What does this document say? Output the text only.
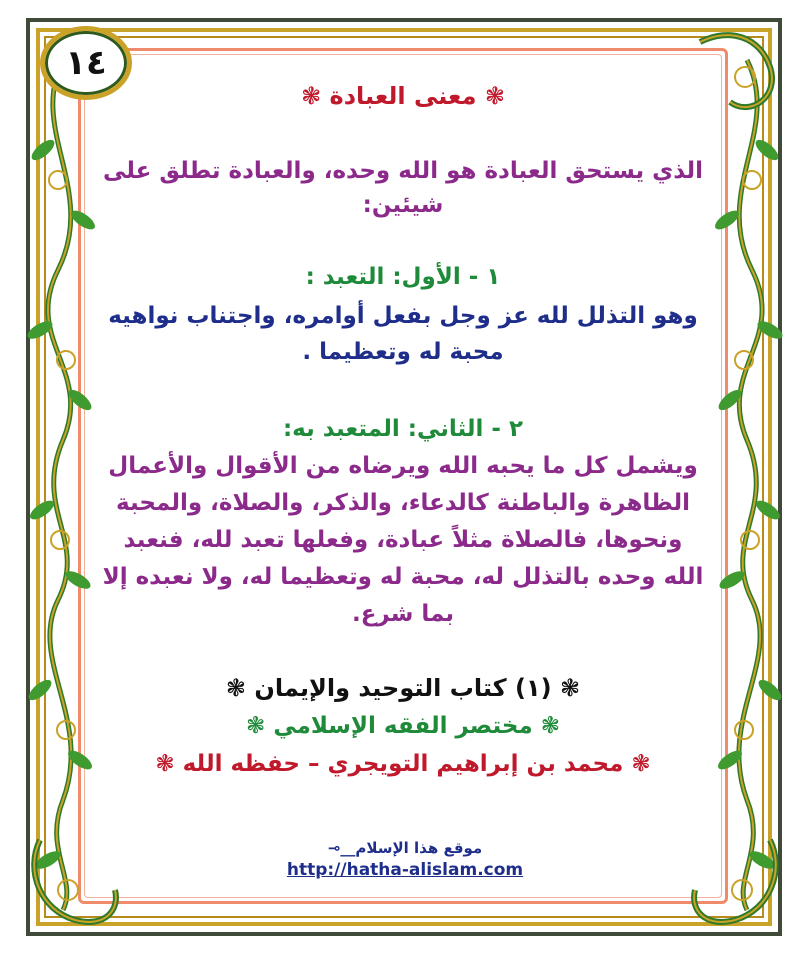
١٤

❃ معنى العبادة ❃

الذي يستحق العبادة هو الله وحده، والعبادة تطلق على شيئين:

١ - الأول: التعبد :

وهو التذلل لله عز وجل بفعل أوامره، واجتناب نواهيه محبة له وتعظيما .

٢ - الثاني: المتعبد به:

ويشمل كل ما يحبه الله ويرضاه من الأقوال والأعمال الظاهرة والباطنة كالدعاء، والذكر، والصلاة، والمحبة ونحوها، فالصلاة مثلاً عبادة، وفعلها تعبد لله، فنعبد الله وحده بالتذلل له، محبة له وتعظيما له، ولا نعبده إلا بما شرع.

❃ (١) كتاب التوحيد والإيمان ❃

❃ مختصر الفقه الإسلامي ❃

❃ محمد بن إبراهيم التويجري – حفظه الله ❃

موقع هذا الإسلام__⊸
http://hatha-alislam.com
